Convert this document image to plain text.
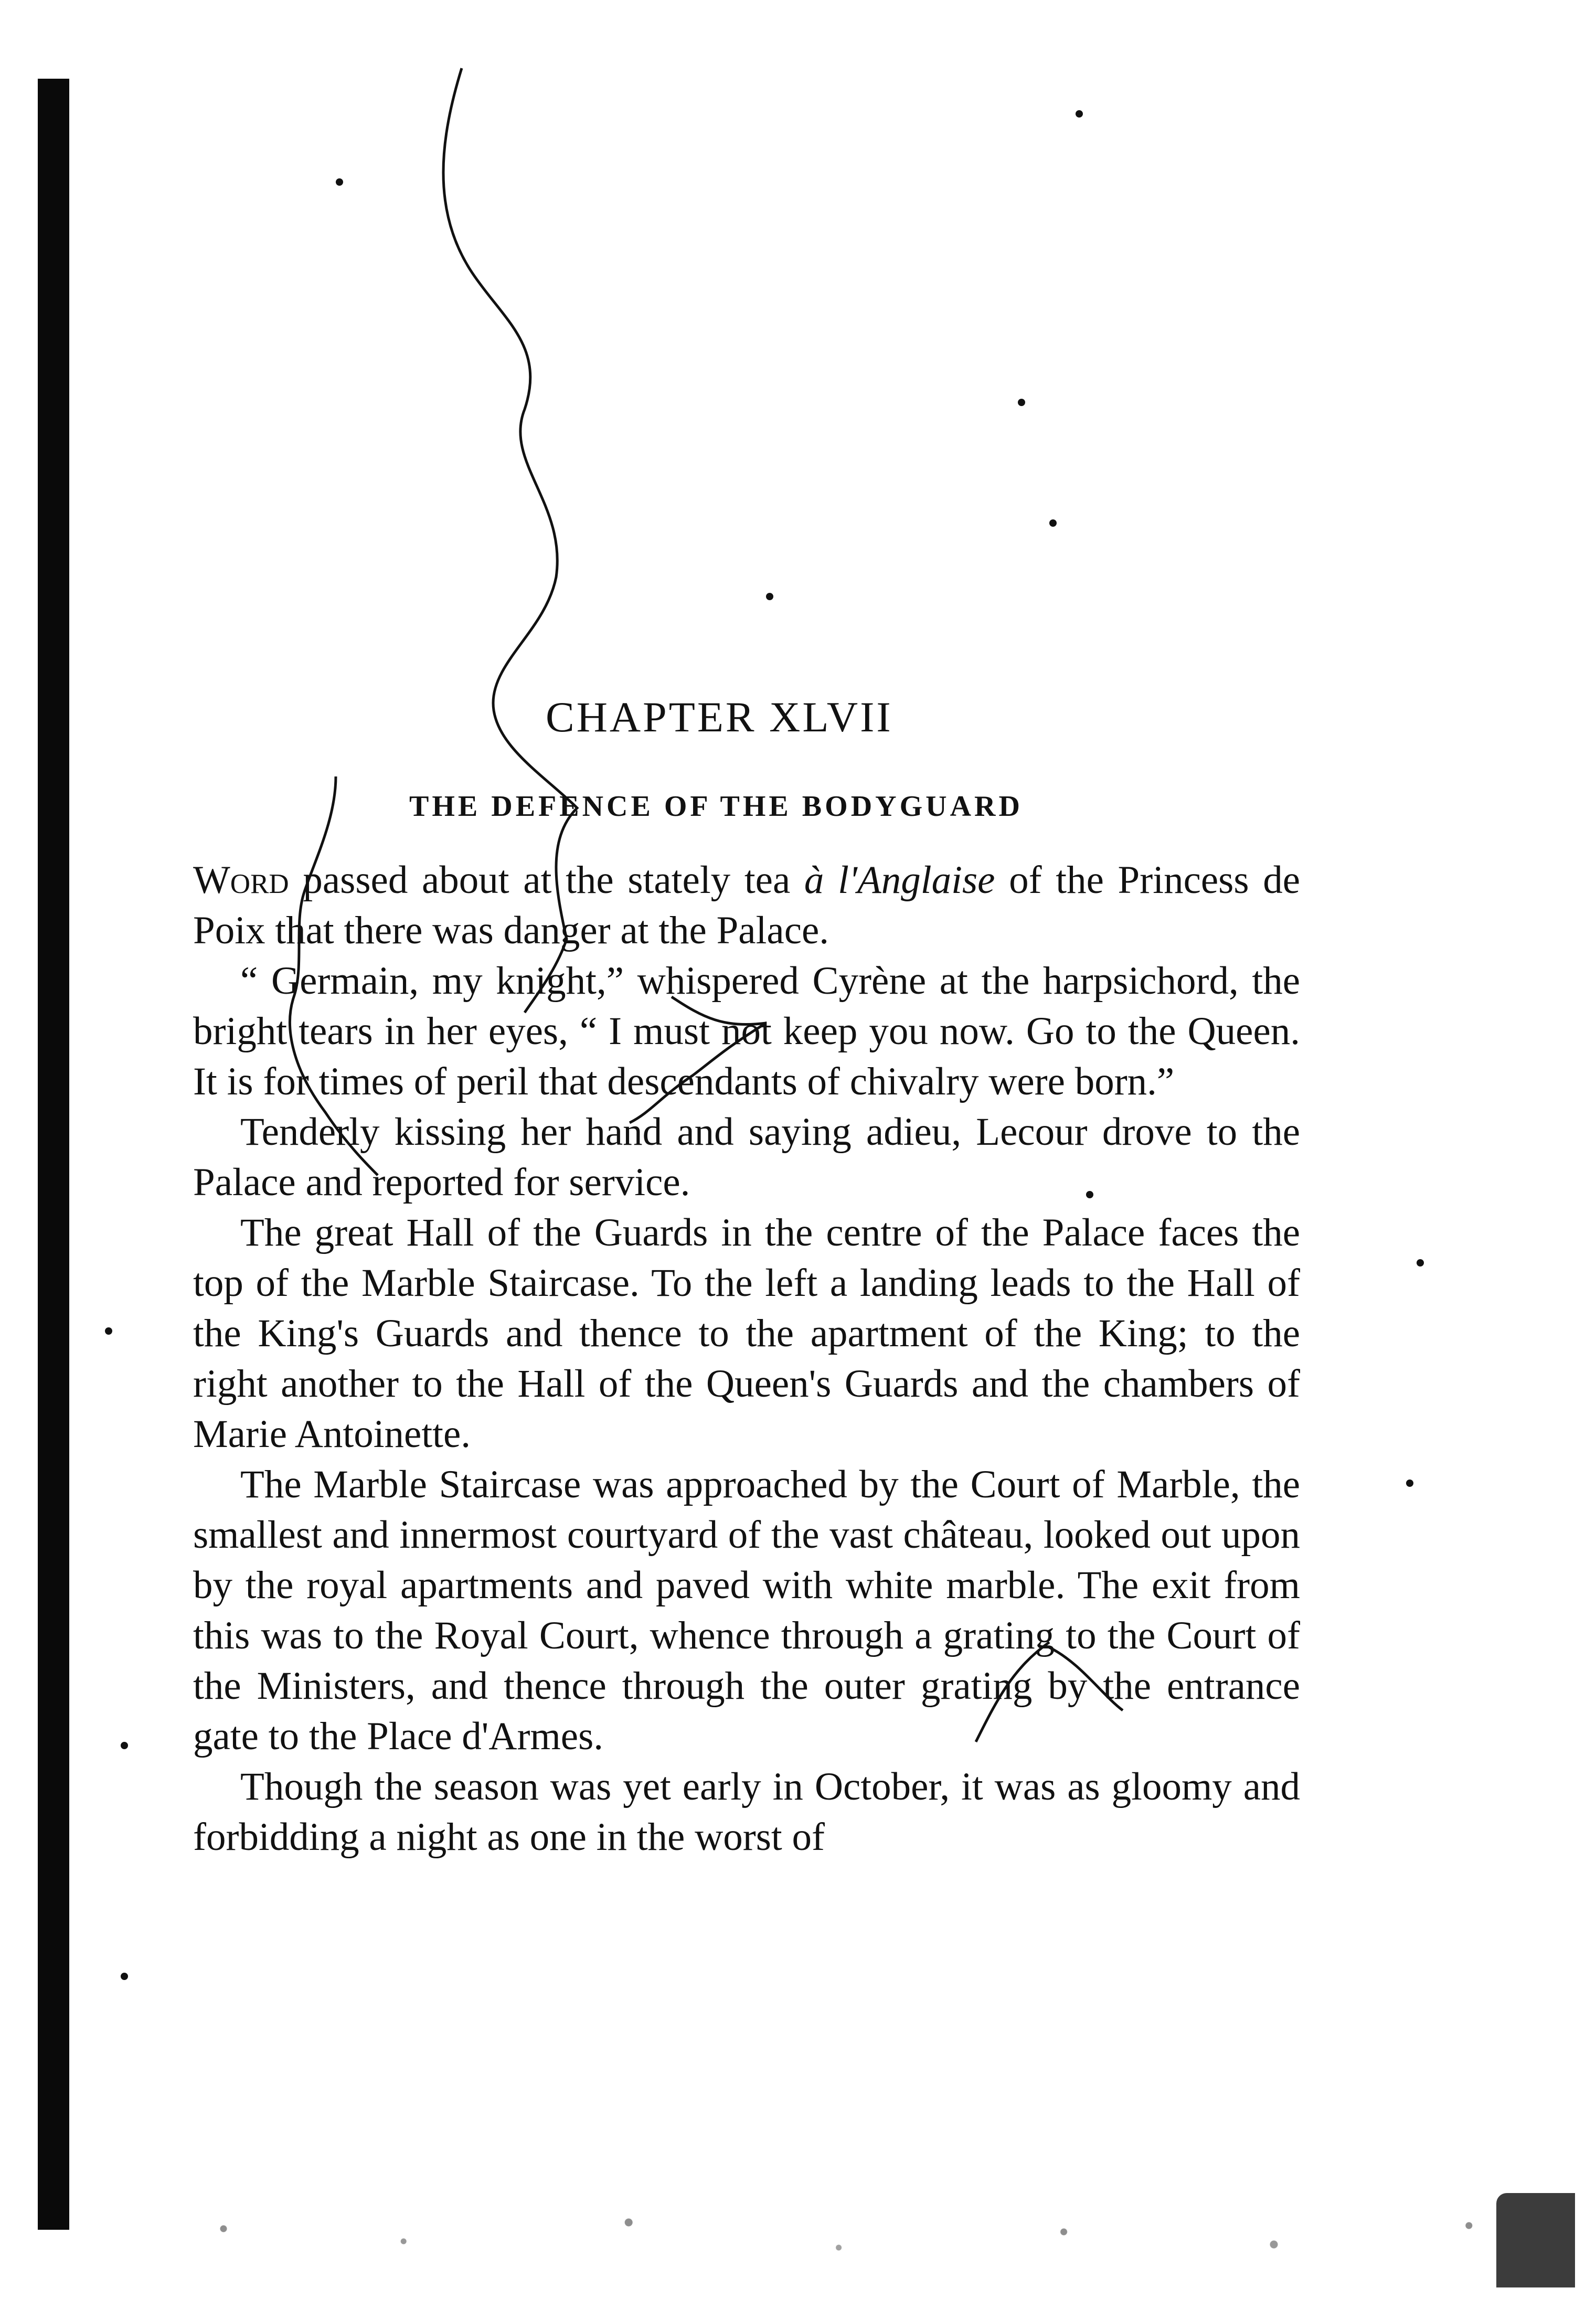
CHAPTER XLVII
THE DEFENCE OF THE BODYGUARD

Word passed about at the stately tea à l'Anglaise of the Princess de Poix that there was danger at the Palace.

“ Germain, my knight,” whispered Cyrène at the harpsichord, the bright tears in her eyes, “ I must not keep you now. Go to the Queen. It is for times of peril that descendants of chivalry were born.”

Tenderly kissing her hand and saying adieu, Lecour drove to the Palace and reported for service.

The great Hall of the Guards in the centre of the Palace faces the top of the Marble Staircase. To the left a landing leads to the Hall of the King's Guards and thence to the apartment of the King; to the right another to the Hall of the Queen's Guards and the chambers of Marie Antoinette.

The Marble Staircase was approached by the Court of Marble, the smallest and innermost courtyard of the vast château, looked out upon by the royal apartments and paved with white marble. The exit from this was to the Royal Court, whence through a grating to the Court of the Ministers, and thence through the outer grating by the entrance gate to the Place d'Armes.

Though the season was yet early in October, it was as gloomy and forbidding a night as one in the worst of
